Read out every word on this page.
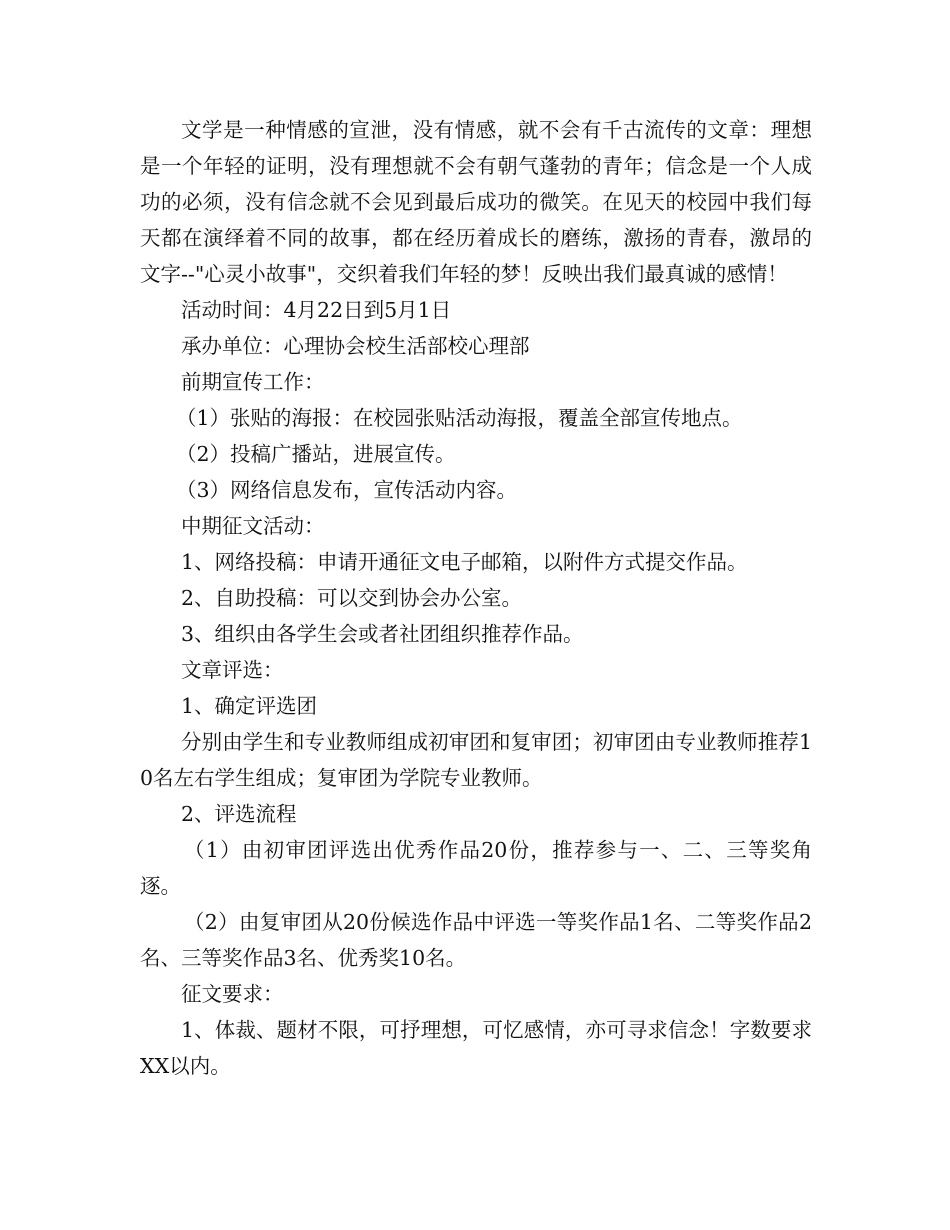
文学是一种情感的宣泄，没有情感，就不会有千古流传的文章：理想是一个年轻的证明，没有理想就不会有朝气蓬勃的青年；信念是一个人成功的必须，没有信念就不会见到最后成功的微笑。在见天的校园中我们每天都在演绎着不同的故事，都在经历着成长的磨练，激扬的青春，激昂的文字--"心灵小故事"，交织着我们年轻的梦！反映出我们最真诚的感情！

活动时间：4月22日到5月1日

承办单位：心理协会校生活部校心理部

前期宣传工作：

（1）张贴的海报：在校园张贴活动海报，覆盖全部宣传地点。

（2）投稿广播站，进展宣传。

（3）网络信息发布，宣传活动内容。

中期征文活动：

1、网络投稿：申请开通征文电子邮箱，以附件方式提交作品。

2、自助投稿：可以交到协会办公室。

3、组织由各学生会或者社团组织推荐作品。

文章评选：

1、确定评选团

分别由学生和专业教师组成初审团和复审团；初审团由专业教师推荐10名左右学生组成；复审团为学院专业教师。

2、评选流程

（1）由初审团评选出优秀作品20份，推荐参与一、二、三等奖角逐。

（2）由复审团从20份候选作品中评选一等奖作品1名、二等奖作品2名、三等奖作品3名、优秀奖10名。

征文要求：

1、体裁、题材不限，可抒理想，可忆感情，亦可寻求信念！字数要求XX以内。
